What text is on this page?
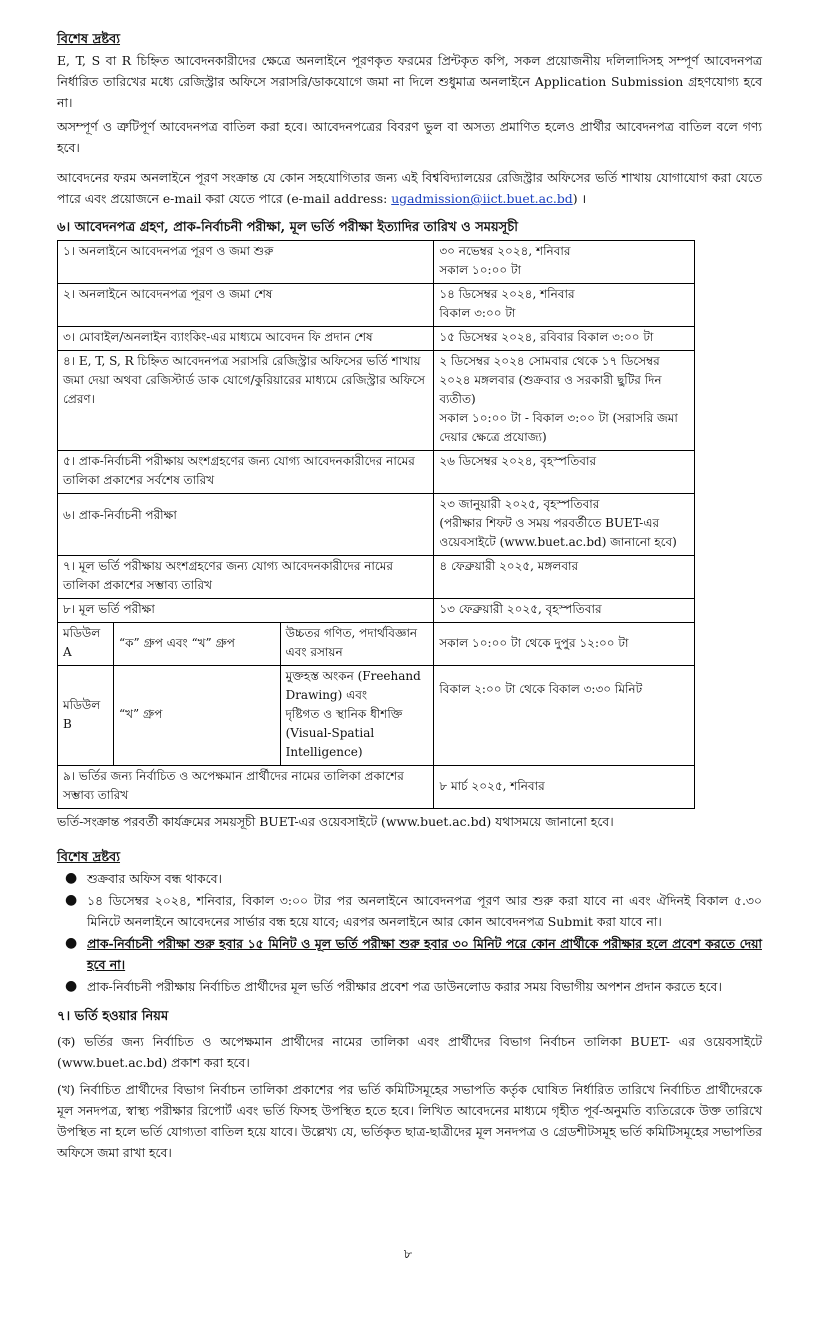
বিশেষ দ্রষ্টব্য

E, T, S বা R চিহ্নিত আবেদনকারীদের ক্ষেত্রে অনলাইনে পূরণকৃত ফরমের প্রিন্টকৃত কপি, সকল প্রয়োজনীয় দলিলাদিসহ সম্পূর্ণ আবেদনপত্র নির্ধারিত তারিখের মধ্যে রেজিস্ট্রার অফিসে সরাসরি/ডাকযোগে জমা না দিলে শুধুমাত্র অনলাইনে Application Submission গ্রহণযোগ্য হবে না।

অসম্পূর্ণ ও ত্রুটিপূর্ণ আবেদনপত্র বাতিল করা হবে। আবেদনপত্রের বিবরণ ভুল বা অসত্য প্রমাণিত হলেও প্রার্থীর আবেদনপত্র বাতিল বলে গণ্য হবে।

আবেদনের ফরম অনলাইনে পূরণ সংক্রান্ত যে কোন সহযোগিতার জন্য এই বিশ্ববিদ্যালয়ের রেজিস্ট্রার অফিসের ভর্তি শাখায় যোগাযোগ করা যেতে পারে এবং প্রয়োজনে e-mail করা যেতে পারে (e-mail address: ugadmission@iict.buet.ac.bd) ।

৬। আবেদনপত্র গ্রহণ, প্রাক-নির্বাচনী পরীক্ষা, মূল ভর্তি পরীক্ষা ইত্যাদির তারিখ ও সময়সূচী

১। অনলাইনে আবেদনপত্র পূরণ ও জমা শুরু			৩০ নভেম্বর ২০২৪, শনিবার
সকাল ১০:০০ টা

২। অনলাইনে আবেদনপত্র পূরণ ও জমা শেষ			১৪ ডিসেম্বর ২০২৪, শনিবার
বিকাল ৩:০০ টা

৩। মোবাইল/অনলাইন ব্যাংকিং-এর মাধ্যমে আবেদন ফি প্রদান শেষ			১৫ ডিসেম্বর ২০২৪, রবিবার বিকাল ৩:০০ টা
৪। E, T, S, R চিহ্নিত আবেদনপত্র সরাসরি রেজিস্ট্রার অফিসের ভর্তি শাখায় জমা দেয়া অথবা রেজিস্টার্ড ডাক যোগে/কুরিয়ারের মাধ্যমে রেজিস্ট্রার অফিসে প্রেরণ।			২ ডিসেম্বর ২০২৪ সোমবার থেকে ১৭ ডিসেম্বর ২০২৪ মঙ্গলবার (শুক্রবার ও সরকারী ছুটির দিন ব্যতীত)
সকাল ১০:০০ টা - বিকাল ৩:০০ টা (সরাসরি জমা দেয়ার ক্ষেত্রে প্রযোজ্য)

৫। প্রাক-নির্বাচনী পরীক্ষায় অংশগ্রহণের জন্য যোগ্য আবেদনকারীদের নামের তালিকা প্রকাশের সর্বশেষ তারিখ			২৬ ডিসেম্বর ২০২৪, বৃহস্পতিবার
৬। প্রাক-নির্বাচনী পরীক্ষা			২৩ জানুয়ারী ২০২৫, বৃহস্পতিবার
(পরীক্ষার শিফট ও সময় পরবর্তীতে BUET-এর ওয়েবসাইটে (www.buet.ac.bd) জানানো হবে)

৭। মূল ভর্তি পরীক্ষায় অংশগ্রহণের জন্য যোগ্য আবেদনকারীদের নামের তালিকা প্রকাশের সম্ভাব্য তারিখ			৪ ফেব্রুয়ারী ২০২৫, মঙ্গলবার
৮। মূল ভর্তি পরীক্ষা			১৩ ফেব্রুয়ারী ২০২৫, বৃহস্পতিবার
মডিউল A	“ক” গ্রুপ এবং “খ” গ্রুপ	উচ্চতর গণিত, পদার্থবিজ্ঞান এবং রসায়ন	সকাল ১০:০০ টা থেকে দুপুর ১২:০০ টা
মডিউল B	“খ” গ্রুপ	মুক্তহস্ত অংকন (Freehand Drawing) এবং
দৃষ্টিগত ও স্থানিক ধীশক্তি (Visual-Spatial Intelligence)	বিকাল ২:০০ টা থেকে বিকাল ৩:৩০ মিনিট
৯। ভর্তির জন্য নির্বাচিত ও অপেক্ষমান প্রার্থীদের নামের তালিকা প্রকাশের সম্ভাব্য তারিখ			৮ মার্চ ২০২৫, শনিবার

ভর্তি-সংক্রান্ত পরবর্তী কার্যক্রমের সময়সূচী BUET-এর ওয়েবসাইটে (www.buet.ac.bd) যথাসময়ে জানানো হবে।

বিশেষ দ্রষ্টব্য

● শুক্রবার অফিস বন্ধ থাকবে।
● ১৪ ডিসেম্বর ২০২৪, শনিবার, বিকাল ৩:০০ টার পর অনলাইনে আবেদনপত্র পূরণ আর শুরু করা যাবে না এবং ঐদিনই বিকাল ৫.৩০ মিনিটে অনলাইনে আবেদনের সার্ভার বন্ধ হয়ে যাবে; এরপর অনলাইনে আর কোন আবেদনপত্র Submit করা যাবে না।
● প্রাক-নির্বাচনী পরীক্ষা শুরু হবার ১৫ মিনিট ও মূল ভর্তি পরীক্ষা শুরু হবার ৩০ মিনিট পরে কোন প্রার্থীকে পরীক্ষার হলে প্রবেশ করতে দেয়া হবে না।
● প্রাক-নির্বাচনী পরীক্ষায় নির্বাচিত প্রার্থীদের মূল ভর্তি পরীক্ষার প্রবেশ পত্র ডাউনলোড করার সময় বিভাগীয় অপশন প্রদান করতে হবে।

৭। ভর্তি হওয়ার নিয়ম

(ক) ভর্তির জন্য নির্বাচিত ও অপেক্ষমান প্রার্থীদের নামের তালিকা এবং প্রার্থীদের বিভাগ নির্বাচন তালিকা BUET- এর ওয়েবসাইটে (www.buet.ac.bd) প্রকাশ করা হবে।

(খ) নির্বাচিত প্রার্থীদের বিভাগ নির্বাচন তালিকা প্রকাশের পর ভর্তি কমিটিসমূহের সভাপতি কর্তৃক ঘোষিত নির্ধারিত তারিখে নির্বাচিত প্রার্থীদেরকে মূল সনদপত্র, স্বাস্থ্য পরীক্ষার রিপোর্ট এবং ভর্তি ফিসহ উপস্থিত হতে হবে। লিখিত আবেদনের মাধ্যমে গৃহীত পূর্ব-অনুমতি ব্যতিরেকে উক্ত তারিখে উপস্থিত না হলে ভর্তি যোগ্যতা বাতিল হয়ে যাবে। উল্লেখ্য যে, ভর্তিকৃত ছাত্র-ছাত্রীদের মূল সনদপত্র ও গ্রেডশীটসমূহ ভর্তি কমিটিসমূহের সভাপতির অফিসে জমা রাখা হবে।

৮
